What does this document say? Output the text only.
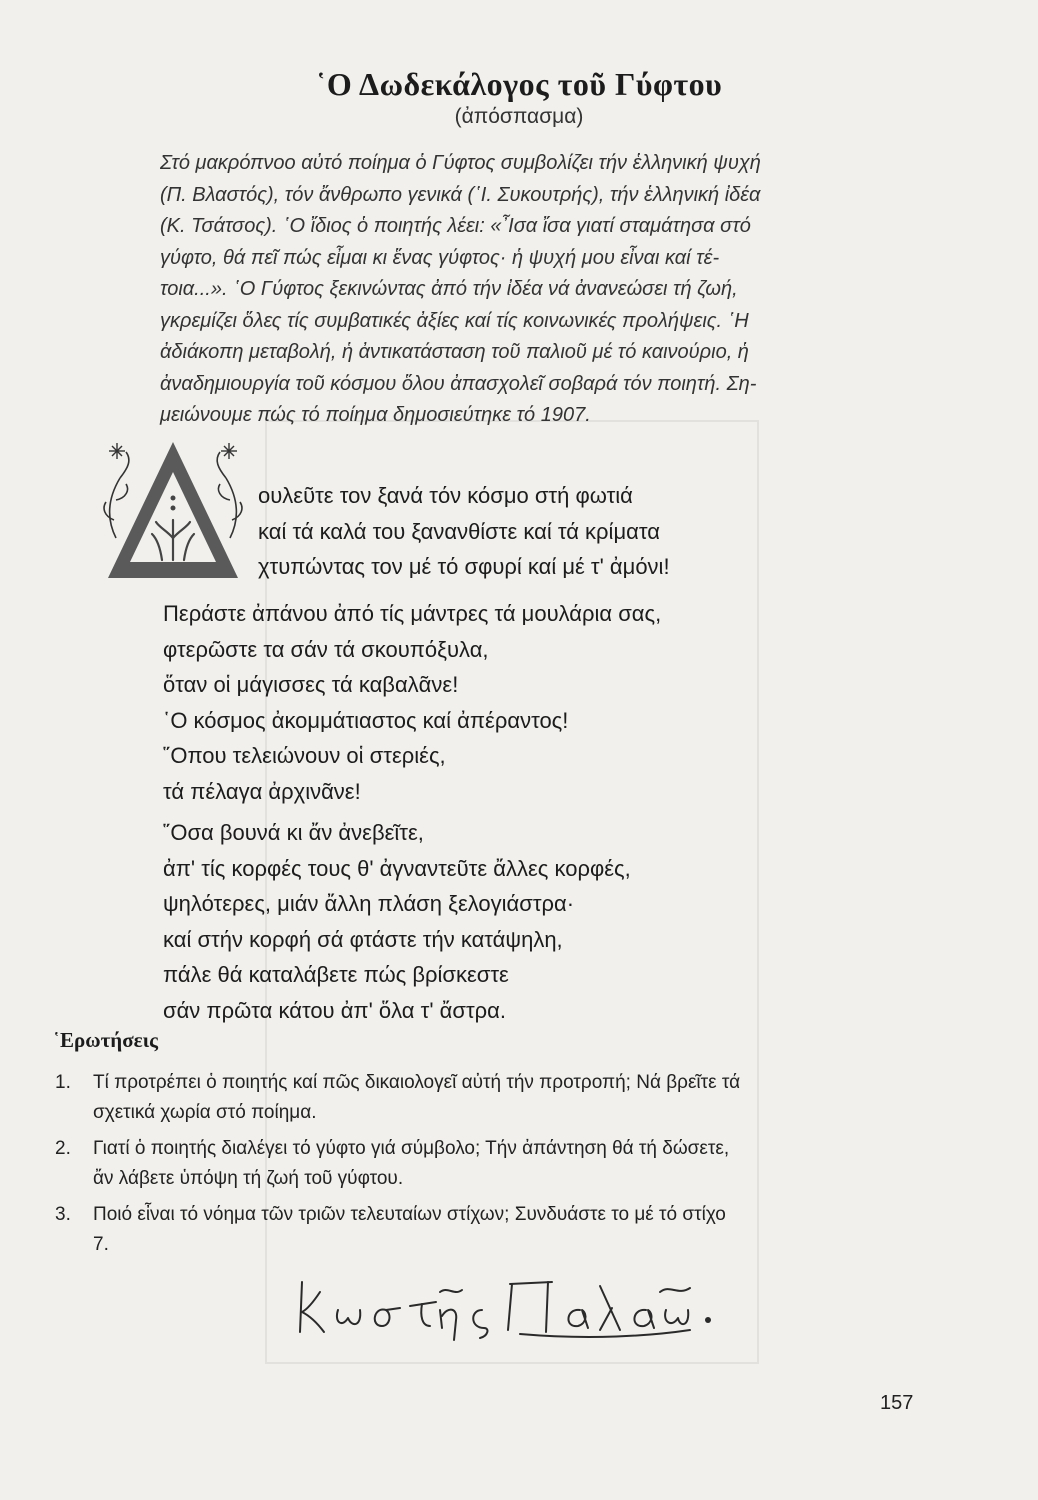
῾Ο Δωδεκάλογος τοῦ Γύφτου
(ἀπόσπασμα)
Στό μακρόπνοο αὐτό ποίημα ὁ Γύφτος συμβολίζει τήν ἑλληνική ψυχή
(Π. Βλαστός), τόν ἄνθρωπο γενικά (῾Ι. Συκουτρής), τήν ἑλληνική ἰδέα
(Κ. Τσάτσος). ῾Ο ἴδιος ὁ ποιητής λέει: «῏Ισα ἴσα γιατί σταμάτησα στό
γύφτο, θά πεῖ πώς εἶμαι κι ἕνας γύφτος· ἡ ψυχή μου εἶναι καί τέ-
τοια...». ῾Ο Γύφτος ξεκινώντας ἀπό τήν ἰδέα νά ἀνανεώσει τή ζωή,
γκρεμίζει ὅλες τίς συμβατικές ἀξίες καί τίς κοινωνικές προλήψεις. ῾Η
ἀδιάκοπη μεταβολή, ἡ ἀντικατάσταση τοῦ παλιοῦ μέ τό καινούριο, ἡ
ἀναδημιουργία τοῦ κόσμου ὅλου ἀπασχολεῖ σοβαρά τόν ποιητή. Ση-
μειώνουμε πώς τό ποίημα δημοσιεύτηκε τό 1907.
ουλεῦτε τον ξανά τόν κόσμο στή φωτιά
καί τά καλά του ξανανθίστε καί τά κρίματα
χτυπώντας τον μέ τό σφυρί καί μέ τ' ἀμόνι!
Περάστε ἀπάνου ἀπό τίς μάντρες τά μουλάρια σας,
φτερῶστε τα σάν τά σκουπόξυλα,
ὅταν οἱ μάγισσες τά καβαλᾶνε!
῾Ο κόσμος ἀκομμάτιαστος καί ἀπέραντος!
῞Οπου τελειώνουν οἱ στεριές,
τά πέλαγα ἀρχινᾶνε!
῞Οσα βουνά κι ἄν ἀνεβεῖτε,
ἀπ' τίς κορφές τους θ' ἀγναντεῦτε ἄλλες κορφές,
ψηλότερες, μιάν ἄλλη πλάση ξελογιάστρα·
καί στήν κορφή σά φτάστε τήν κατάψηλη,
πάλε θά καταλάβετε πώς βρίσκεστε
σάν πρῶτα κάτου ἀπ' ὅλα τ' ἄστρα.
῾Ερωτήσεις
1. Τί προτρέπει ὁ ποιητής καί πῶς δικαιολογεῖ αὐτή τήν προτροπή; Νά βρεῖτε τά
σχετικά χωρία στό ποίημα.
2. Γιατί ὁ ποιητής διαλέγει τό γύφτο γιά σύμβολο; Τήν ἀπάντηση θά τή δώσετε,
ἄν λάβετε ὑπόψη τή ζωή τοῦ γύφτου.
3. Ποιό εἶναι τό νόημα τῶν τριῶν τελευταίων στίχων; Συνδυάστε το μέ τό στίχο
7.
Κωστῆς Παλαμᾶς
157
